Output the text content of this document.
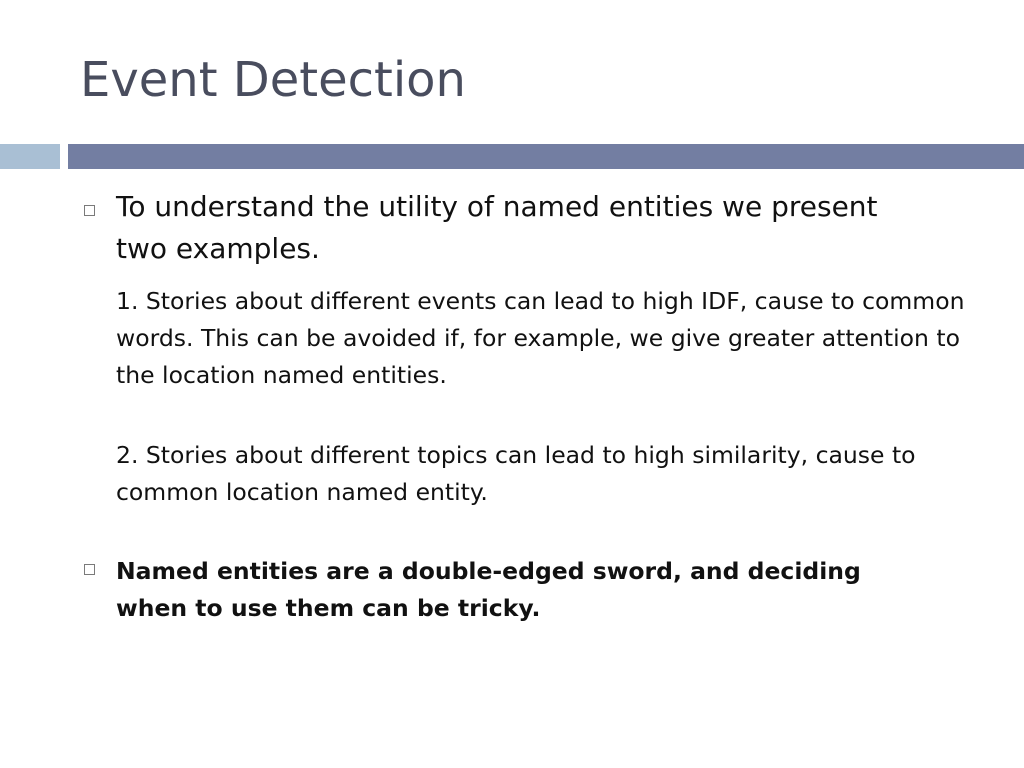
Event Detection

To understand the utility of named entities we present two examples.

1. Stories about different events can lead to high IDF, cause to common words. This can be avoided if, for example, we give greater attention to the location named entities.

2. Stories about different topics can lead to high similarity, cause to common location named entity.

Named entities are a double-edged sword, and deciding when to use them can be tricky.
